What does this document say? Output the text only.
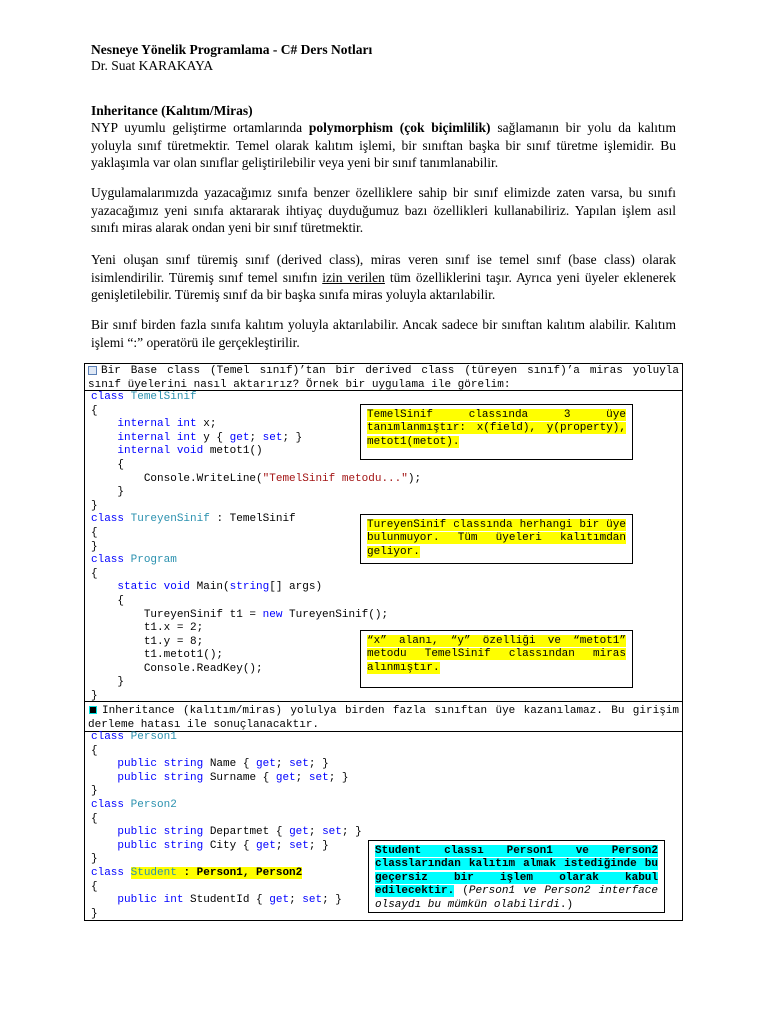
Nesneye Yönelik Programlama - C# Ders Notları
Dr. Suat KARAKAYA
Inheritance (Kalıtım/Miras)
NYP uyumlu geliştirme ortamlarında polymorphism (çok biçimlilik) sağlamanın bir yolu da kalıtım yoluyla sınıf türetmektir. Temel olarak kalıtım işlemi, bir sınıftan başka bir sınıf türetme işlemidir. Bu yaklaşımla var olan sınıflar geliştirilebilir veya yeni bir sınıf tanımlanabilir.
Uygulamalarımızda yazacağımız sınıfa benzer özelliklere sahip bir sınıf elimizde zaten varsa, bu sınıfı yazacağımız yeni sınıfa aktararak ihtiyaç duyduğumuz bazı özellikleri kullanabiliriz. Yapılan işlem asıl sınıfı miras alarak ondan yeni bir sınıf türetmektir.
Yeni oluşan sınıf türemiş sınıf (derived class), miras veren sınıf ise temel sınıf (base class) olarak isimlendirilir. Türemiş sınıf temel sınıfın izin verilen tüm özelliklerini taşır. Ayrıca yeni üyeler eklenerek genişletilebilir. Türemiş sınıf da bir başka sınıfa miras yoluyla aktarılabilir.
Bir sınıf birden fazla sınıfa kalıtım yoluyla aktarılabilir. Ancak sadece bir sınıftan kalıtım alabilir. Kalıtım işlemi “:” operatörü ile gerçekleştirilir.
Bir Base class (Temel sınıf)’tan bir derived class (türeyen sınıf)’a miras yoluyla sınıf üyelerini nasıl aktarırız? Örnek bir uygulama ile görelim:
class TemelSinif
{
internal int x;
internal int y { get; set; }
internal void metot1()
{
Console.WriteLine("TemelSinif metodu...");
}
}
class TureyenSinif : TemelSinif
{
}
class Program
{
static void Main(string[] args)
{
TureyenSinif t1 = new TureyenSinif();
t1.x = 2;
t1.y = 8;
t1.metot1();
Console.ReadKey();
}
}
TemelSinif classında 3 üye tanımlanmıştır: x(field), y(property), metot1(metot).
TureyenSinif classında herhangi bir üye bulunmuyor. Tüm üyeleri kalıtımdan geliyor.
“x” alanı, “y” özelliği ve “metot1” metodu TemelSinif classından miras alınmıştır.
Inheritance (kalıtım/miras) yolulya birden fazla sınıftan üye kazanılamaz. Bu girişim derleme hatası ile sonuçlanacaktır.
class Person1
{
public string Name { get; set; }
public string Surname { get; set; }
}
class Person2
{
public string Departmet { get; set; }
public string City { get; set; }
}
class Student : Person1, Person2
{
public int StudentId { get; set; }
}
Student classı Person1 ve Person2 classlarından kalıtım almak istediğinde bu geçersiz bir işlem olarak kabul edilecektir. (Person1 ve Person2 interface olsaydı bu mümkün olabilirdi.)
